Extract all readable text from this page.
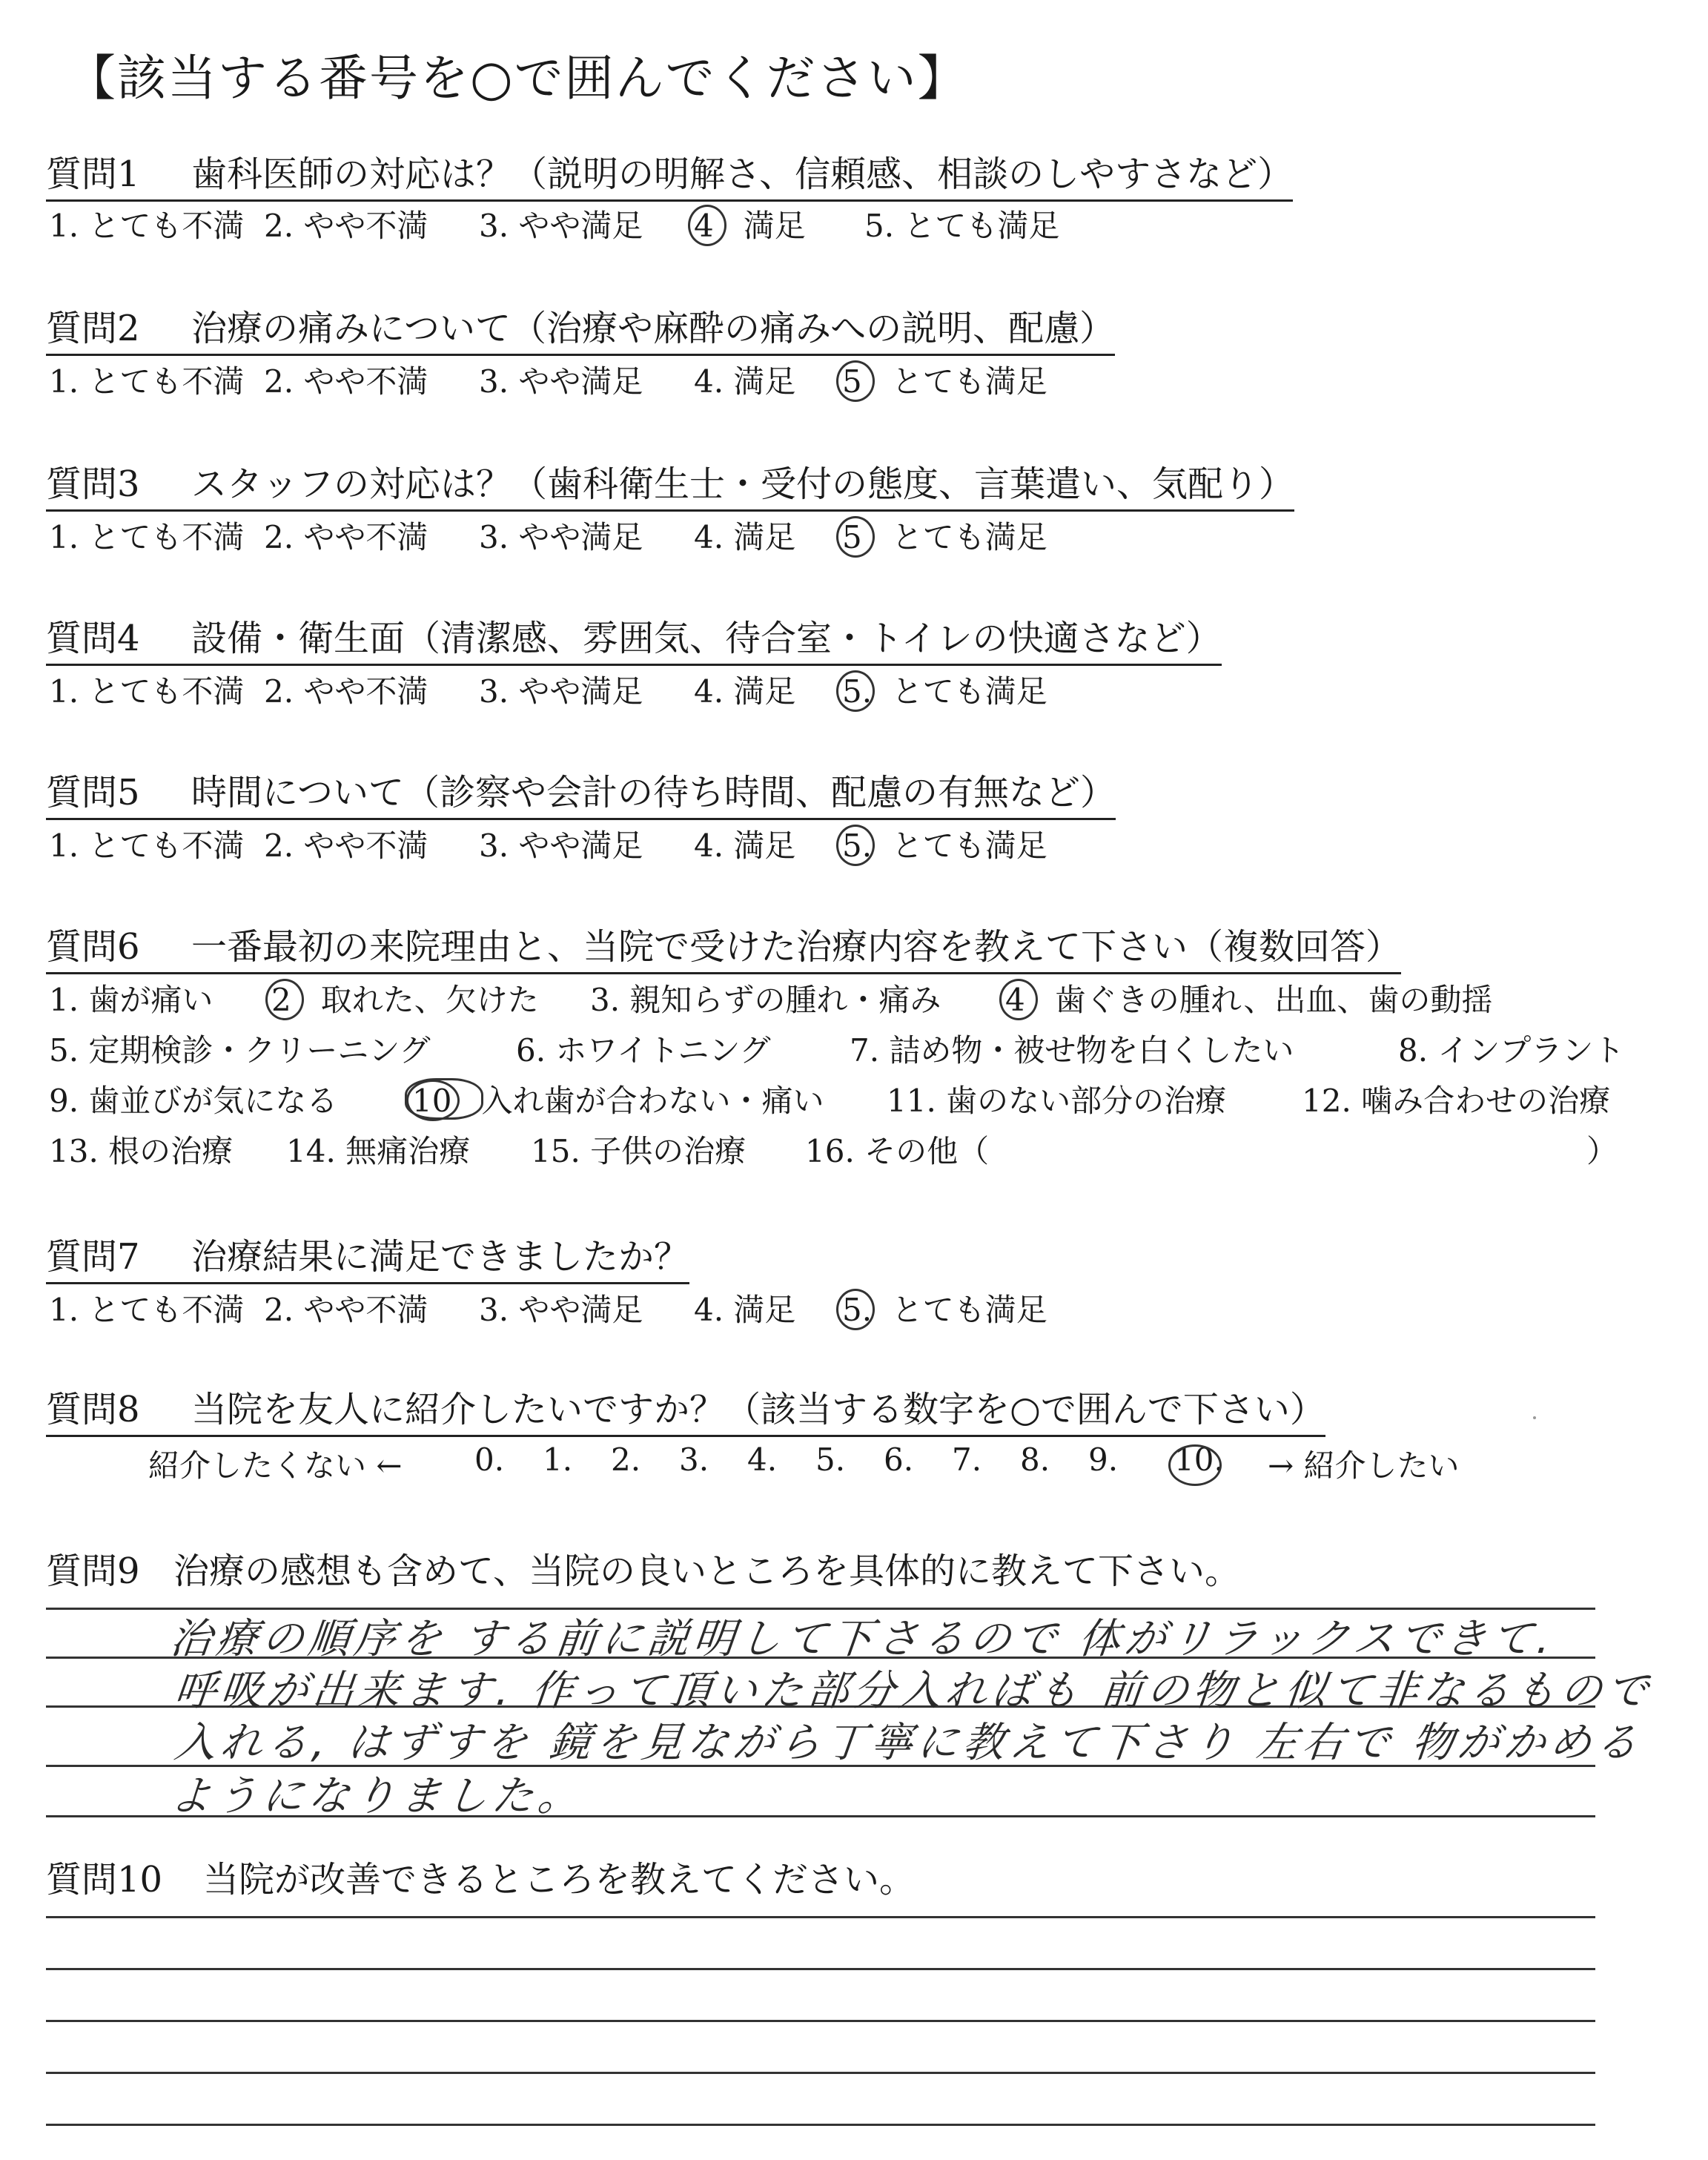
【該当する番号を○で囲んでください】
質問1 歯科医師の対応は？（説明の明解さ、信頼感、相談のしやすさなど）
1. とても不満 2. やや不満	3. やや満足	4 満足	5. とても満足
質問2 治療の痛みについて（治療や麻酔の痛みへの説明、配慮）
1. とても不満 2. やや不満	3. やや満足	4. 満足	5 とても満足
質問3 スタッフの対応は？（歯科衛生士・受付の態度、言葉遣い、気配り）
1. とても不満 2. やや不満	3. やや満足	4. 満足	5 とても満足
質問4 設備・衛生面（清潔感、雰囲気、待合室・トイレの快適さなど）
1. とても不満 2. やや不満	3. やや満足	4. 満足	5. とても満足
質問5 時間について（診察や会計の待ち時間、配慮の有無など）
1. とても不満 2. やや不満	3. やや満足	4. 満足	5. とても満足
質問6 一番最初の来院理由と、当院で受けた治療内容を教えて下さい（複数回答）
1. 歯が痛い	2 取れた、欠けた	3. 親知らずの腫れ・痛み	4 歯ぐきの腫れ、出血、歯の動揺
5. 定期検診・クリーニング	6. ホワイトニング	7. 詰め物・被せ物を白くしたい	8. インプラント
9. 歯並びが気になる	10 入れ歯が合わない・痛い	11. 歯のない部分の治療	12. 噛み合わせの治療
13. 根の治療	14. 無痛治療	15. 子供の治療	16. その他（	）
質問7 治療結果に満足できましたか？
1. とても不満 2. やや不満	3. やや満足	4. 満足	5. とても満足
質問8 当院を友人に紹介したいですか？（該当する数字を○で囲んで下さい）
紹介したくない ←	0.	1.	2.	3.	4.	5.	6.	7.	8.	9.	10.	→ 紹介したい
質問9 治療の感想も含めて、当院の良いところを具体的に教えて下さい。
治療の順序を する前に説明して下さるので 体がリラックスできて.
呼吸が出来ます. 作って頂いた部分入ればも 前の物と似て非なるもので
入れる, はずすを 鏡を見ながら丁寧に教えて下さり 左右で 物がかめる
ようになりました。
質問10 当院が改善できるところを教えてください。
